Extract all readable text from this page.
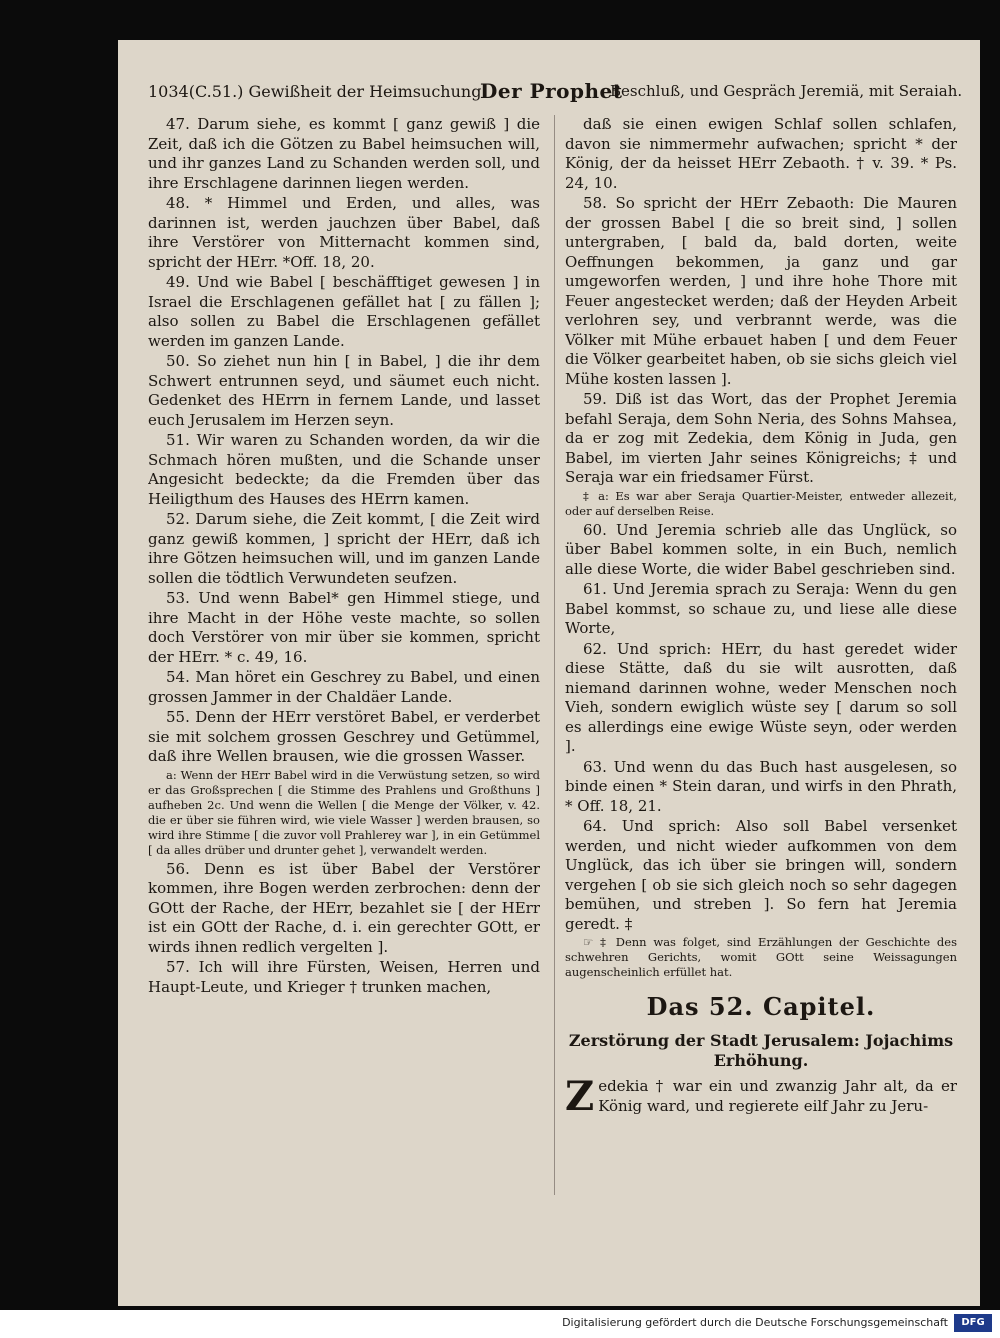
1034(C.51.) Gewißheit der Heimsuchung.
Der Prophet
Beschluß, und Gespräch Jeremiä, mit Seraiah.

47. Darum siehe, es kommt [ ganz gewiß ] die Zeit, daß ich die Götzen zu Babel heimsuchen will, und ihr ganzes Land zu Schanden werden soll, und ihre Erschlagene darinnen liegen werden.

48. * Himmel und Erden, und alles, was darinnen ist, werden jauchzen über Babel, daß ihre Verstörer von Mitternacht kommen sind, spricht der HErr. *Off. 18, 20.

49. Und wie Babel [ beschäfftiget gewesen ] in Israel die Erschlagenen gefället hat [ zu fällen ]; also sollen zu Babel die Erschlagenen gefället werden im ganzen Lande.

50. So ziehet nun hin [ in Babel, ] die ihr dem Schwert entrunnen seyd, und säumet euch nicht. Gedenket des HErrn in fernem Lande, und lasset euch Jerusalem im Herzen seyn.

51. Wir waren zu Schanden worden, da wir die Schmach hören mußten, und die Schande unser Angesicht bedeckte; da die Fremden über das Heiligthum des Hauses des HErrn kamen.

52. Darum siehe, die Zeit kommt, [ die Zeit wird ganz gewiß kommen, ] spricht der HErr, daß ich ihre Götzen heimsuchen will, und im ganzen Lande sollen die tödtlich Verwundeten seufzen.

53. Und wenn Babel* gen Himmel stiege, und ihre Macht in der Höhe veste machte, so sollen doch Verstörer von mir über sie kommen, spricht der HErr. * c. 49, 16.

54. Man höret ein Geschrey zu Babel, und einen grossen Jammer in der Chaldäer Lande.

55. Denn der HErr verstöret Babel, er verderbet sie mit solchem grossen Geschrey und Getümmel, daß ihre Wellen brausen, wie die grossen Wasser.

a: Wenn der HErr Babel wird in die Verwüstung setzen, so wird er das Großsprechen [ die Stimme des Prahlens und Großthuns ] aufheben 2c. Und wenn die Wellen [ die Menge der Völker, v. 42. die er über sie führen wird, wie viele Wasser ] werden brausen, so wird ihre Stimme [ die zuvor voll Prahlerey war ], in ein Getümmel [ da alles drüber und drunter gehet ], verwandelt werden.

56. Denn es ist über Babel der Verstörer kommen, ihre Bogen werden zerbrochen: denn der GOtt der Rache, der HErr, bezahlet sie [ der HErr ist ein GOtt der Rache, d. i. ein gerechter GOtt, er wirds ihnen redlich vergelten ].

57. Ich will ihre Fürsten, Weisen, Herren und Haupt-Leute, und Krieger † trunken machen,

daß sie einen ewigen Schlaf sollen schlafen, davon sie nimmermehr aufwachen; spricht * der König, der da heisset HErr Zebaoth. † v. 39. * Ps. 24, 10.

58. So spricht der HErr Zebaoth: Die Mauren der grossen Babel [ die so breit sind, ] sollen untergraben, [ bald da, bald dorten, weite Oeffnungen bekommen, ja ganz und gar umgeworfen werden, ] und ihre hohe Thore mit Feuer angestecket werden; daß der Heyden Arbeit verlohren sey, und verbrannt werde, was die Völker mit Mühe erbauet haben [ und dem Feuer die Völker gearbeitet haben, ob sie sichs gleich viel Mühe kosten lassen ].

59. Diß ist das Wort, das der Prophet Jeremia befahl Seraja, dem Sohn Neria, des Sohns Mahsea, da er zog mit Zedekia, dem König in Juda, gen Babel, im vierten Jahr seines Königreichs; ‡ und Seraja war ein friedsamer Fürst.

‡ a: Es war aber Seraja Quartier-Meister, entweder allezeit, oder auf derselben Reise.

60. Und Jeremia schrieb alle das Unglück, so über Babel kommen solte, in ein Buch, nemlich alle diese Worte, die wider Babel geschrieben sind.

61. Und Jeremia sprach zu Seraja: Wenn du gen Babel kommst, so schaue zu, und liese alle diese Worte,

62. Und sprich: HErr, du hast geredet wider diese Stätte, daß du sie wilt ausrotten, daß niemand darinnen wohne, weder Menschen noch Vieh, sondern ewiglich wüste sey [ darum so soll es allerdings eine ewige Wüste seyn, oder werden ].

63. Und wenn du das Buch hast ausgelesen, so binde einen * Stein daran, und wirfs in den Phrath, * Off. 18, 21.

64. Und sprich: Also soll Babel versenket werden, und nicht wieder aufkommen von dem Unglück, das ich über sie bringen will, sondern vergehen [ ob sie sich gleich noch so sehr dagegen bemühen, und streben ]. So fern hat Jeremia geredt. ‡

☞ ‡ Denn was folget, sind Erzählungen der Geschichte des schwehren Gerichts, womit GOtt seine Weissagungen augenscheinlich erfüllet hat.

Das 52. Capitel.
Zerstörung der Stadt Jerusalem: Jojachims Erhöhung.
Z edekia † war ein und zwanzig Jahr alt, da er König ward, und regierete eilf Jahr zu Jeru-
Digitalisierung gefördert durch die Deutsche Forschungsgemeinschaft	DFG
